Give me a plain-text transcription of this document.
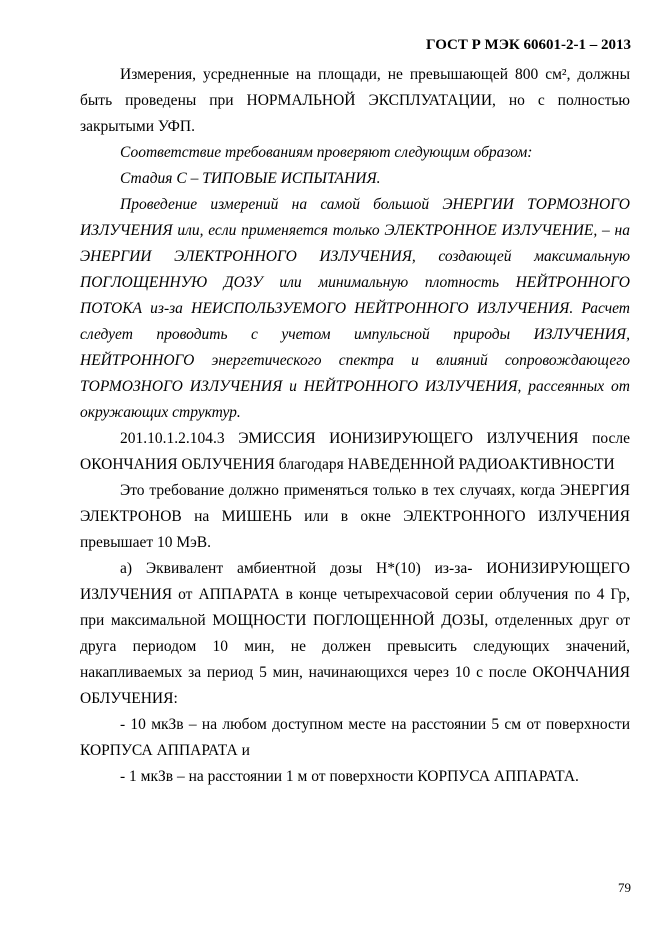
ГОСТ Р МЭК 60601-2-1 – 2013

Измерения, усредненные на площади, не превышающей 800 см², должны быть проведены при НОРМАЛЬНОЙ ЭКСПЛУАТАЦИИ, но с полностью закрытыми УФП.

Соответствие требованиям проверяют следующим образом:

Стадия С – ТИПОВЫЕ ИСПЫТАНИЯ.

Проведение измерений на самой большой ЭНЕРГИИ ТОРМОЗНОГО ИЗЛУЧЕНИЯ или, если применяется только ЭЛЕКТРОННОЕ ИЗЛУЧЕНИЕ, – на ЭНЕРГИИ ЭЛЕКТРОННОГО ИЗЛУЧЕНИЯ, создающей максимальную ПОГЛОЩЕННУЮ ДОЗУ или минимальную плотность НЕЙТРОННОГО ПОТОКА из-за НЕИСПОЛЬЗУЕМОГО НЕЙТРОННОГО ИЗЛУЧЕНИЯ. Расчет следует проводить с учетом импульсной природы ИЗЛУЧЕНИЯ, НЕЙТРОННОГО энергетического спектра и влияний сопровождающего ТОРМОЗНОГО ИЗЛУЧЕНИЯ и НЕЙТРОННОГО ИЗЛУЧЕНИЯ, рассеянных от окружающих структур.

201.10.1.2.104.3 ЭМИССИЯ ИОНИЗИРУЮЩЕГО ИЗЛУЧЕНИЯ после ОКОНЧАНИЯ ОБЛУЧЕНИЯ благодаря НАВЕДЕННОЙ РАДИОАКТИВНОСТИ

Это требование должно применяться только в тех случаях, когда ЭНЕРГИЯ ЭЛЕКТРОНОВ на МИШЕНЬ или в окне ЭЛЕКТРОННОГО ИЗЛУЧЕНИЯ превышает 10 МэВ.

а) Эквивалент амбиентной дозы Н*(10) из-за- ИОНИЗИРУЮЩЕГО ИЗЛУЧЕНИЯ от АППАРАТА в конце четырехчасовой серии облучения по 4 Гр, при максимальной МОЩНОСТИ ПОГЛОЩЕННОЙ ДОЗЫ, отделенных друг от друга периодом 10 мин, не должен превысить следующих значений, накапливаемых за период 5 мин, начинающихся через 10 с после ОКОНЧАНИЯ ОБЛУЧЕНИЯ:

- 10 мкЗв – на любом доступном месте на расстоянии 5 см от поверхности КОРПУСА АППАРАТА и

- 1 мкЗв – на расстоянии 1 м от поверхности КОРПУСА АППАРАТА.

79
